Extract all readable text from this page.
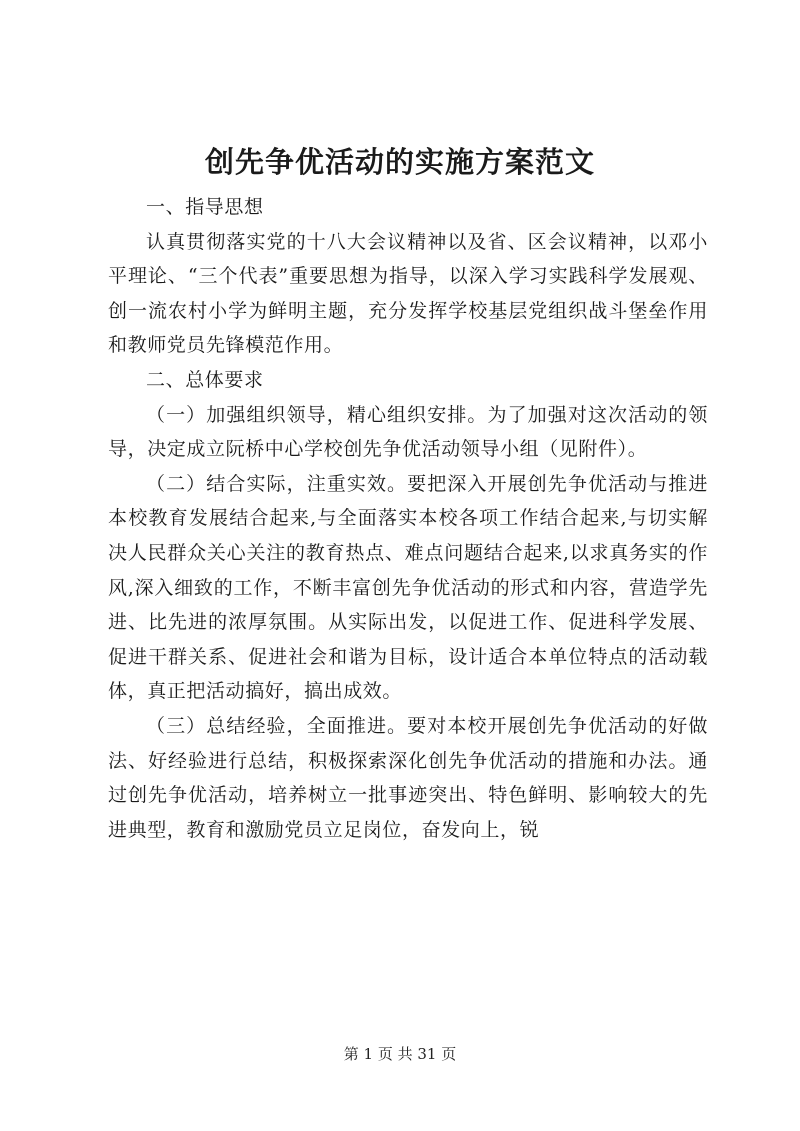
创先争优活动的实施方案范文

一、指导思想

认真贯彻落实党的十八大会议精神以及省、区会议精神，以邓小平理论、“三个代表”重要思想为指导，以深入学习实践科学发展观、创一流农村小学为鲜明主题，充分发挥学校基层党组织战斗堡垒作用和教师党员先锋模范作用。

二、总体要求

（一）加强组织领导，精心组织安排。为了加强对这次活动的领导，决定成立阮桥中心学校创先争优活动领导小组（见附件）。

（二）结合实际，注重实效。要把深入开展创先争优活动与推进本校教育发展结合起来,与全面落实本校各项工作结合起来,与切实解决人民群众关心关注的教育热点、难点问题结合起来,以求真务实的作风,深入细致的工作，不断丰富创先争优活动的形式和内容，营造学先进、比先进的浓厚氛围。从实际出发，以促进工作、促进科学发展、促进干群关系、促进社会和谐为目标，设计适合本单位特点的活动载体，真正把活动搞好，搞出成效。

（三）总结经验，全面推进。要对本校开展创先争优活动的好做法、好经验进行总结，积极探索深化创先争优活动的措施和办法。通过创先争优活动，培养树立一批事迹突出、特色鲜明、影响较大的先进典型，教育和激励党员立足岗位，奋发向上，锐

第 1 页 共 31 页
